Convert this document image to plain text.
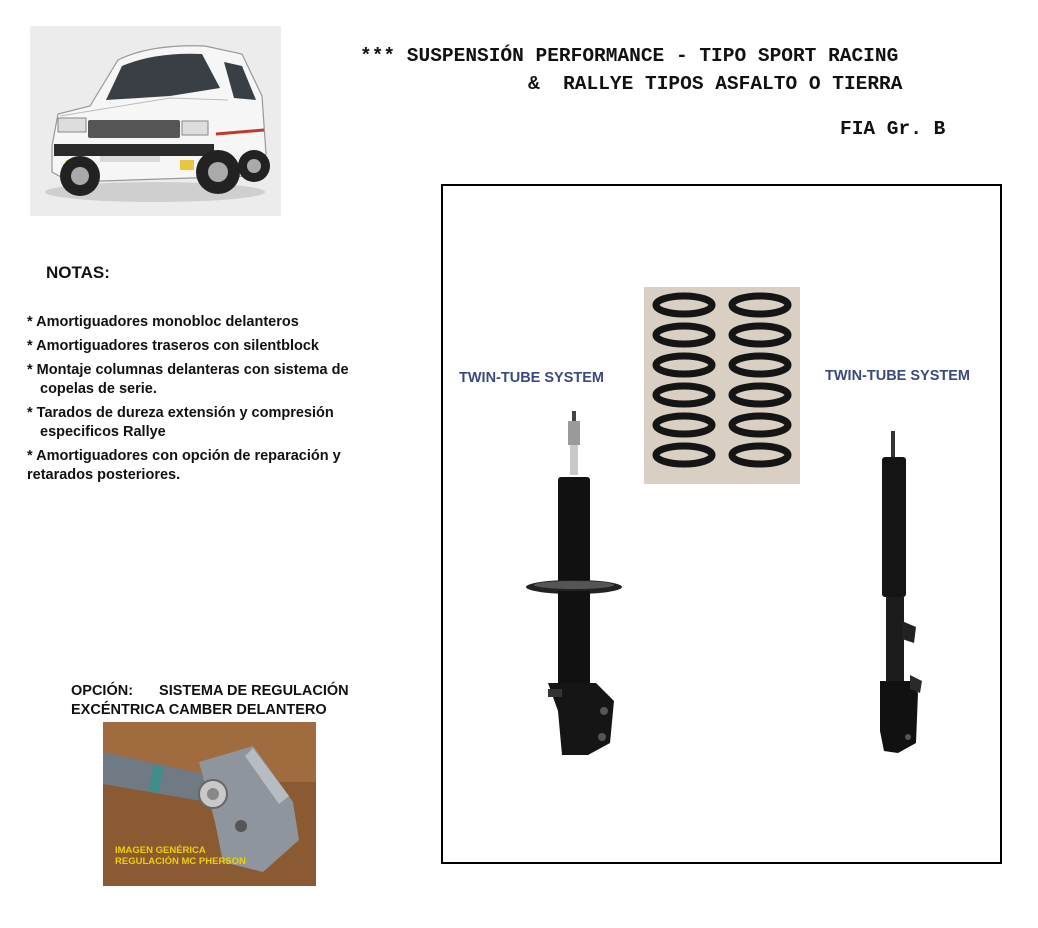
*** SUSPENSIÓN PERFORMANCE - TIPO SPORT RACING
&  RALLYE TIPOS ASFALTO O TIERRA
FIA Gr. B
NOTAS:
* Amortiguadores monobloc delanteros
* Amortiguadores traseros con silentblock
* Montaje columnas delanteras con sistema de
copelas de serie.
* Tarados de dureza extensión y compresión
especificos Rallye
* Amortiguadores con opción de reparación y
retarados posteriores.
OPCIÓN: SISTEMA DE REGULACIÓN
EXCÉNTRICA CAMBER DELANTERO
IMAGEN GENÉRICA
REGULACIÓN MC PHERSON
TWIN-TUBE SYSTEM	TWIN-TUBE SYSTEM
